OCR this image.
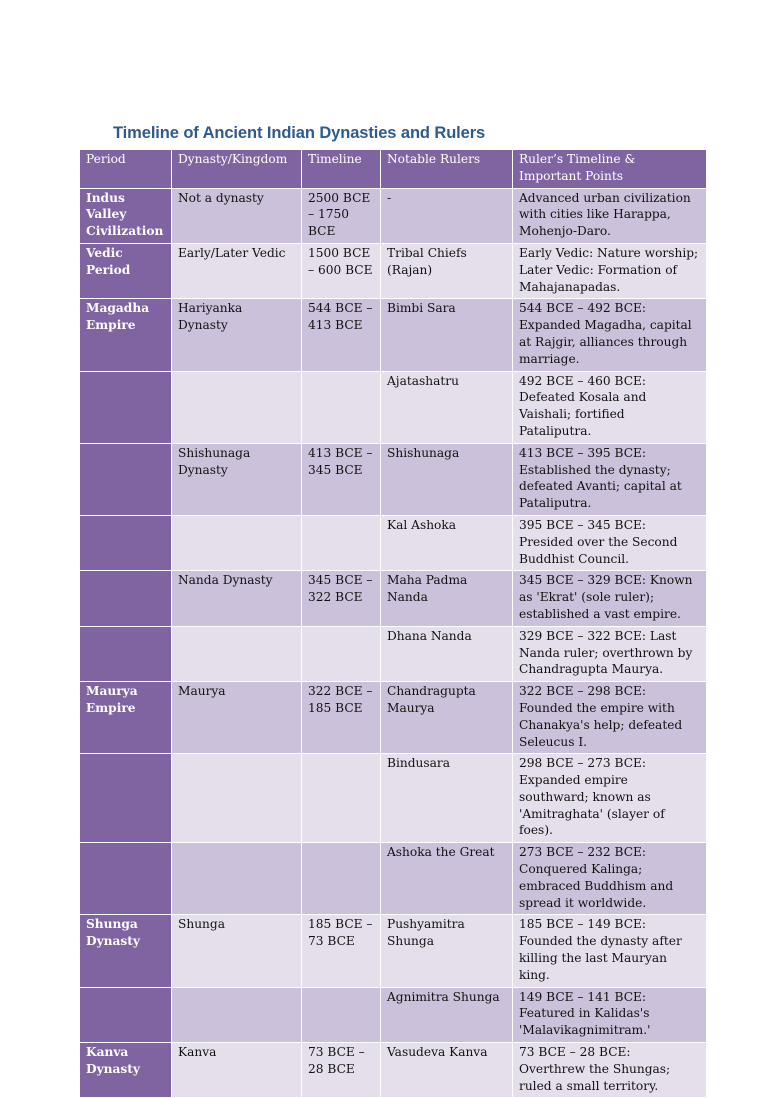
Timeline of Ancient Indian Dynasties and Rulers
Period	Dynasty/Kingdom	Timeline	Notable Rulers	Ruler’s Timeline & Important Points
Indus Valley Civilization	Not a dynasty	2500 BCE – 1750 BCE	-	Advanced urban civilization with cities like Harappa, Mohenjo-Daro.
Vedic Period	Early/Later Vedic	1500 BCE – 600 BCE	Tribal Chiefs (Rajan)	Early Vedic: Nature worship; Later Vedic: Formation of Mahajanapadas.
Magadha Empire	Hariyanka Dynasty	544 BCE – 413 BCE	Bimbi Sara	544 BCE – 492 BCE: Expanded Magadha, capital at Rajgir, alliances through marriage.
			Ajatashatru	492 BCE – 460 BCE: Defeated Kosala and Vaishali; fortified Pataliputra.
	Shishunaga Dynasty	413 BCE – 345 BCE	Shishunaga	413 BCE – 395 BCE: Established the dynasty; defeated Avanti; capital at Pataliputra.
			Kal Ashoka	395 BCE – 345 BCE: Presided over the Second Buddhist Council.
	Nanda Dynasty	345 BCE – 322 BCE	Maha Padma Nanda	345 BCE – 329 BCE: Known as 'Ekrat' (sole ruler); established a vast empire.
			Dhana Nanda	329 BCE – 322 BCE: Last Nanda ruler; overthrown by Chandragupta Maurya.
Maurya Empire	Maurya	322 BCE – 185 BCE	Chandragupta Maurya	322 BCE – 298 BCE: Founded the empire with Chanakya's help; defeated Seleucus I.
			Bindusara	298 BCE – 273 BCE: Expanded empire southward; known as 'Amitraghata' (slayer of foes).
			Ashoka the Great	273 BCE – 232 BCE: Conquered Kalinga; embraced Buddhism and spread it worldwide.
Shunga Dynasty	Shunga	185 BCE – 73 BCE	Pushyamitra Shunga	185 BCE – 149 BCE: Founded the dynasty after killing the last Mauryan king.
			Agnimitra Shunga	149 BCE – 141 BCE: Featured in Kalidas's 'Malavikagnimitram.'
Kanva Dynasty	Kanva	73 BCE – 28 BCE	Vasudeva Kanva	73 BCE – 28 BCE: Overthrew the Shungas; ruled a small territory.
